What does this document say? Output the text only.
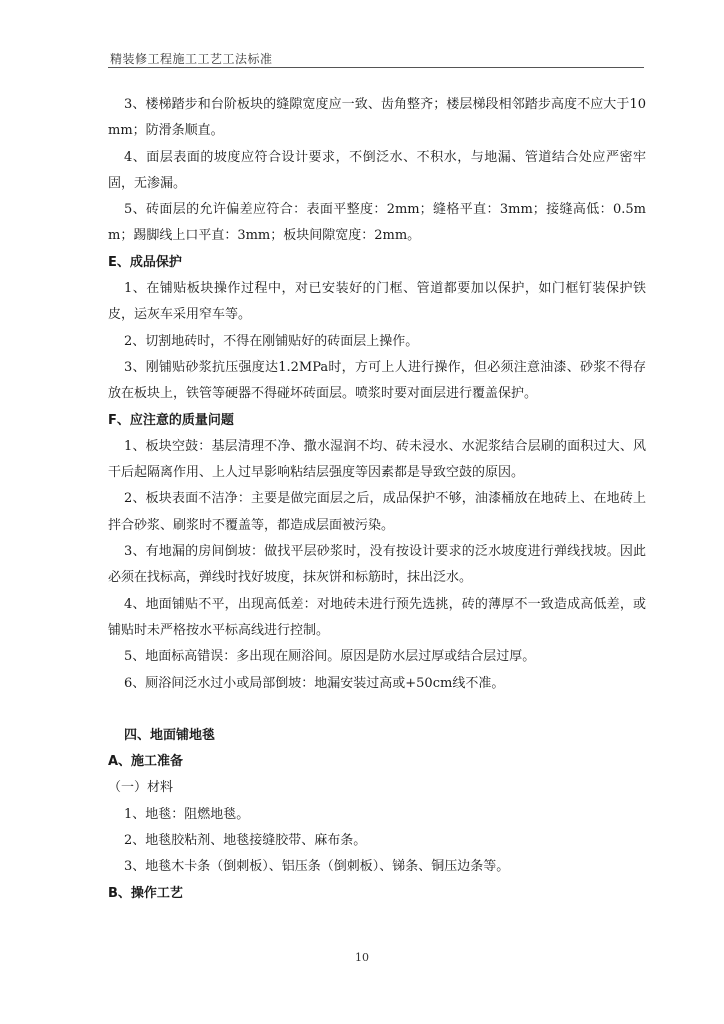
精装修工程施工工艺工法标准

3、楼梯踏步和台阶板块的缝隙宽度应一致、齿角整齐；楼层梯段相邻踏步高度不应大于10mm；防滑条顺直。

4、面层表面的坡度应符合设计要求，不倒泛水、不积水，与地漏、管道结合处应严密牢固，无渗漏。

5、砖面层的允许偏差应符合：表面平整度：2mm；缝格平直：3mm；接缝高低：0.5mm；踢脚线上口平直：3mm；板块间隙宽度：2mm。

E、成品保护

1、在铺贴板块操作过程中，对已安装好的门框、管道都要加以保护，如门框钉装保护铁皮，运灰车采用窄车等。

2、切割地砖时，不得在刚铺贴好的砖面层上操作。

3、刚铺贴砂浆抗压强度达1.2MPa时，方可上人进行操作，但必须注意油漆、砂浆不得存放在板块上，铁管等硬器不得碰坏砖面层。喷浆时要对面层进行覆盖保护。

F、应注意的质量问题

1、板块空鼓：基层清理不净、撒水湿润不均、砖未浸水、水泥浆结合层刷的面积过大、风干后起隔离作用、上人过早影响粘结层强度等因素都是导致空鼓的原因。

2、板块表面不洁净：主要是做完面层之后，成品保护不够，油漆桶放在地砖上、在地砖上拌合砂浆、刷浆时不覆盖等，都造成层面被污染。

3、有地漏的房间倒坡：做找平层砂浆时，没有按设计要求的泛水坡度进行弹线找坡。因此必须在找标高，弹线时找好坡度，抹灰饼和标筋时，抹出泛水。

4、地面铺贴不平，出现高低差：对地砖未进行预先选挑，砖的薄厚不一致造成高低差，或铺贴时未严格按水平标高线进行控制。

5、地面标高错误：多出现在厕浴间。原因是防水层过厚或结合层过厚。

6、厕浴间泛水过小或局部倒坡：地漏安装过高或+50cm线不准。

四、地面铺地毯

A、施工准备

（一）材料

1、地毯：阻燃地毯。

2、地毯胶粘剂、地毯接缝胶带、麻布条。

3、地毯木卡条（倒刺板）、铝压条（倒刺板）、锑条、铜压边条等。

B、操作工艺

10
